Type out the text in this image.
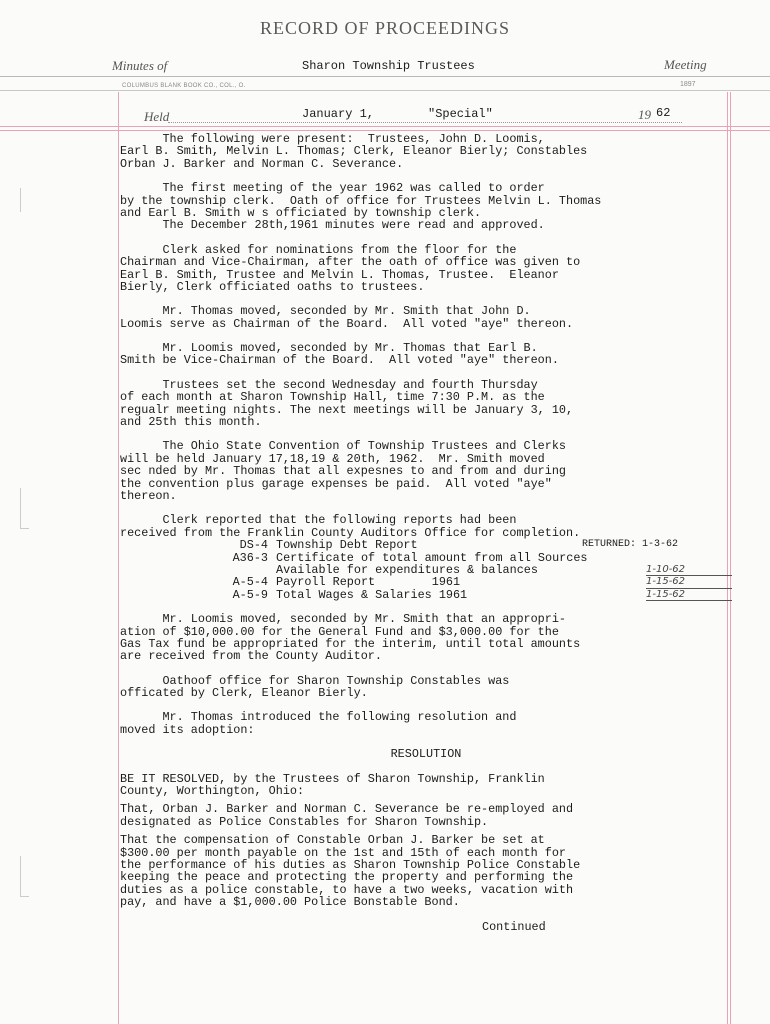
RECORD OF PROCEEDINGS
Minutes of	Sharon Township Trustees	Meeting
COLUMBUS BLANK BOOK CO., COL., O.	1897
Held	January 1,	"Special"	19 62
The following were present:  Trustees, John D. Loomis,
Earl B. Smith, Melvin L. Thomas; Clerk, Eleanor Bierly; Constables
Orban J. Barker and Norman C. Severance.
The first meeting of the year 1962 was called to order
by the township clerk.  Oath of office for Trustees Melvin L. Thomas
and Earl B. Smith w s officiated by township clerk.
The December 28th,1961 minutes were read and approved.
Clerk asked for nominations from the floor for the
Chairman and Vice-Chairman, after the oath of office was given to
Earl B. Smith, Trustee and Melvin L. Thomas, Trustee.  Eleanor
Bierly, Clerk officiated oaths to trustees.
Mr. Thomas moved, seconded by Mr. Smith that John D.
Loomis serve as Chairman of the Board.  All voted "aye" thereon.
Mr. Loomis moved, seconded by Mr. Thomas that Earl B.
Smith be Vice-Chairman of the Board.  All voted "aye" thereon.
Trustees set the second Wednesday and fourth Thursday
of each month at Sharon Township Hall, time 7:30 P.M. as the
regualr meeting nights. The next meetings will be January 3, 10,
and 25th this month.
The Ohio State Convention of Township Trustees and Clerks
will be held January 17,18,19 & 20th, 1962.  Mr. Smith moved
sec nded by Mr. Thomas that all expesnes to and from and during
the convention plus garage expenses be paid.  All voted "aye"
thereon.
Clerk reported that the following reports had been
received from the Franklin County Auditors Office for completion.
DS-4 Township Debt Report	RETURNED: 1-3-62
A36-3 Certificate of total amount from all Sources
Available for expenditures & balances	1-10-62
A-5-4 Payroll Report        1961	1-15-62
A-5-9 Total Wages & Salaries 1961	1-15-62
Mr. Loomis moved, seconded by Mr. Smith that an appropri-
ation of $10,000.00 for the General Fund and $3,000.00 for the
Gas Tax fund be appropriated for the interim, until total amounts
are received from the County Auditor.
Oathoof office for Sharon Township Constables was
officated by Clerk, Eleanor Bierly.
Mr. Thomas introduced the following resolution and
moved its adoption:
RESOLUTION
BE IT RESOLVED, by the Trustees of Sharon Township, Franklin
County, Worthington, Ohio:
That, Orban J. Barker and Norman C. Severance be re-employed and
designated as Police Constables for Sharon Township.
That the compensation of Constable Orban J. Barker be set at
$300.00 per month payable on the 1st and 15th of each month for
the performance of his duties as Sharon Township Police Constable
keeping the peace and protecting the property and performing the
duties as a police constable, to have a two weeks, vacation with
pay, and have a $1,000.00 Police Bonstable Bond.
Continued
